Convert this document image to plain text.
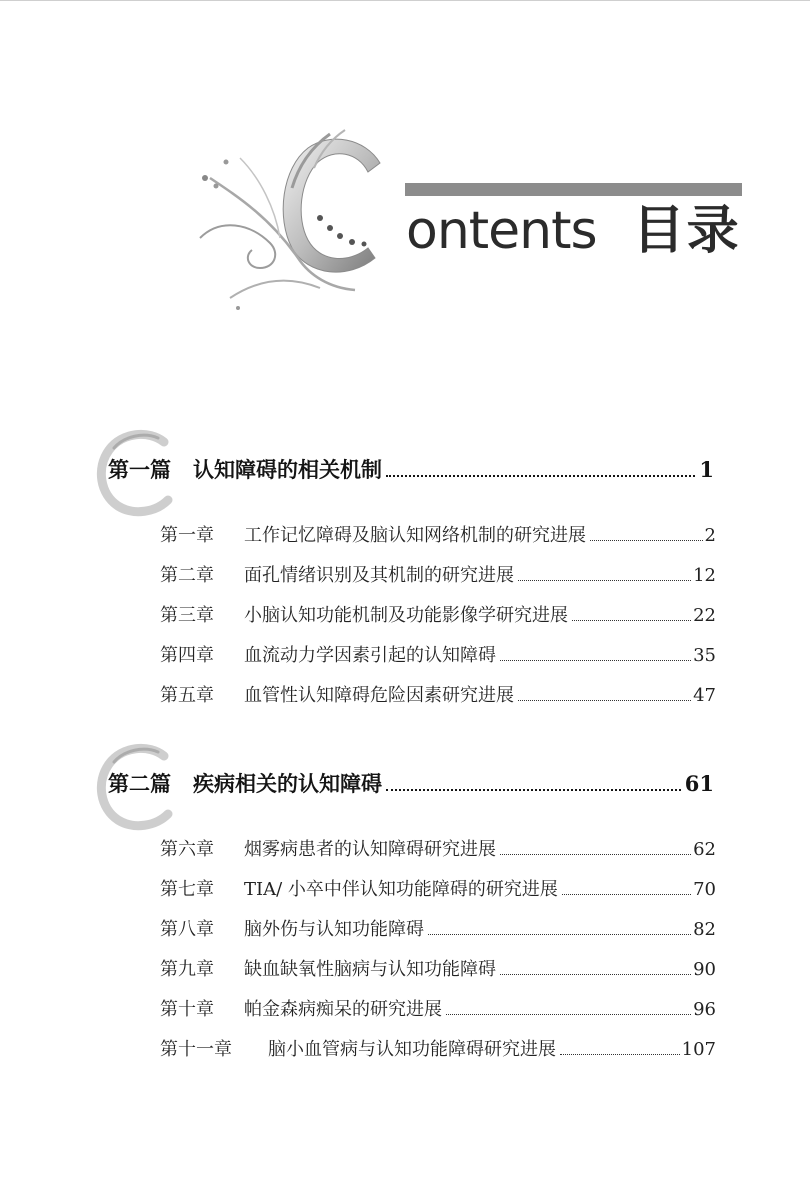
ontents 目录
第一篇 认知障碍的相关机制	1
第一章	工作记忆障碍及脑认知网络机制的研究进展	2
第二章	面孔情绪识别及其机制的研究进展	12
第三章	小脑认知功能机制及功能影像学研究进展	22
第四章	血流动力学因素引起的认知障碍	35
第五章	血管性认知障碍危险因素研究进展	47
第二篇 疾病相关的认知障碍	61
第六章	烟雾病患者的认知障碍研究进展	62
第七章	TIA/ 小卒中伴认知功能障碍的研究进展	70
第八章	脑外伤与认知功能障碍	82
第九章	缺血缺氧性脑病与认知功能障碍	90
第十章	帕金森病痴呆的研究进展	96
第十一章	脑小血管病与认知功能障碍研究进展	107
